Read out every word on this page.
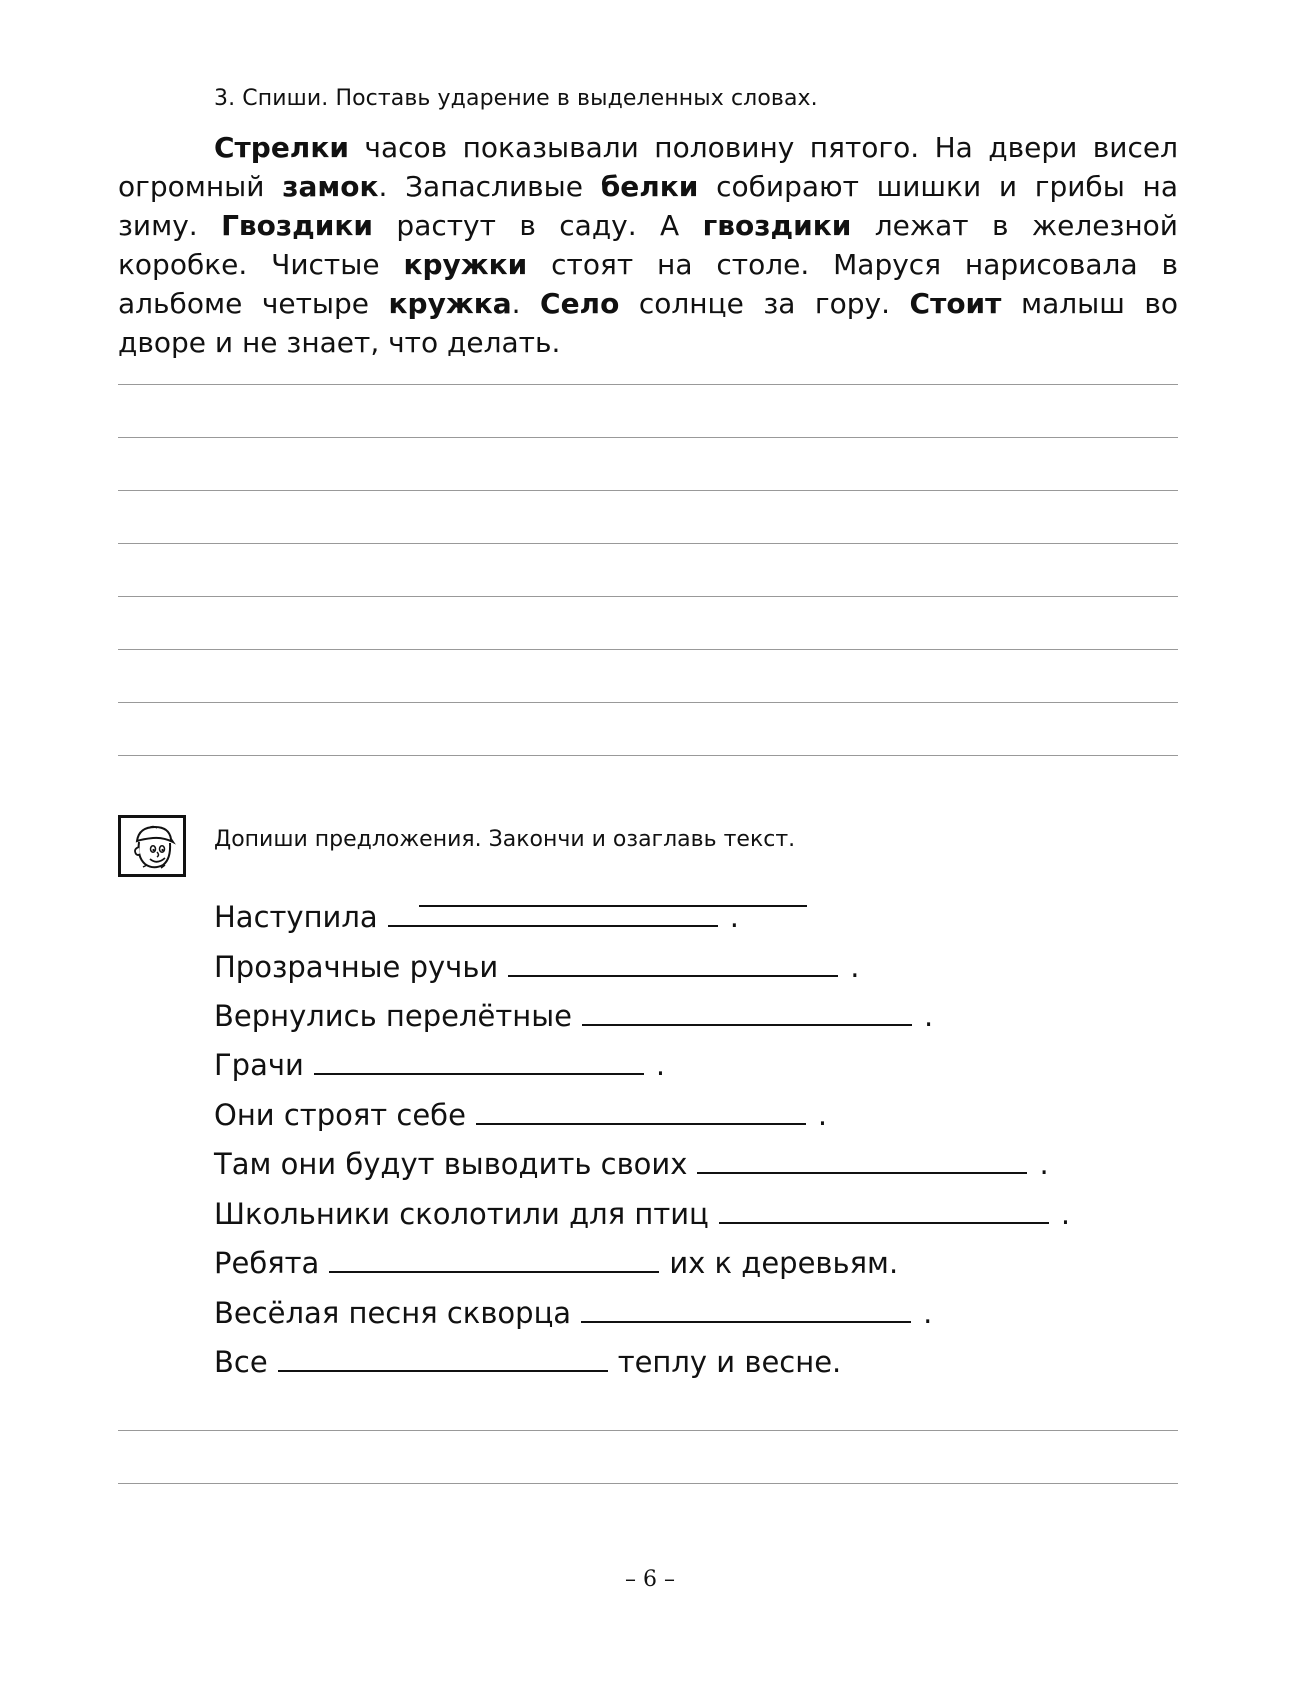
3. Спиши. Поставь ударение в выделенных словах.
Стрелки часов показывали половину пятого. На двери висел огромный замок. Запасливые белки собирают шишки и грибы на зиму. Гвоздики растут в саду. А гвоздики лежат в железной коробке. Чистые кружки стоят на столе. Маруся нарисовала в альбоме четыре кружка. Село солнце за гору. Стоит малыш во дворе и не знает, что делать.
Допиши предложения. Закончи и озаглавь текст.
Наступила	.
Прозрачные ручьи	.
Вернулись перелётные	.
Грачи	.
Они строят себе	.
Там они будут выводить своих	.
Школьники сколотили для птиц	.
Ребята	их к деревьям.
Весёлая песня скворца	.
Все	теплу и весне.
– 6 –
